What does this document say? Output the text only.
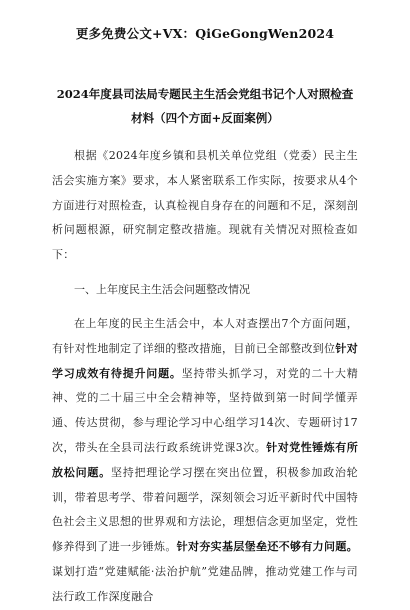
更多免费公文+VX：QiGeGongWen2024

2024年度县司法局专题民主生活会党组书记个人对照检查

材料（四个方面+反面案例）

根据《2024年度乡镇和县机关单位党组（党委）民主生活会实施方案》要求，本人紧密联系工作实际，按要求从4个方面进行对照检查，认真检视自身存在的问题和不足，深刻剖析问题根源，研究制定整改措施。现就有关情况对照检查如下：

一、上年度民主生活会问题整改情况

在上年度的民主生活会中，本人对查摆出7个方面问题，有针对性地制定了详细的整改措施，目前已全部整改到位针对学习成效有待提升问题。坚持带头抓学习，对党的二十大精神、党的二十届三中全会精神等，坚持做到第一时间学懂弄通、传达贯彻，参与理论学习中心组学习14次、专题研讨17次，带头在全县司法行政系统讲党课3次。针对党性锤炼有所放松问题。坚持把理论学习摆在突出位置，积极参加政治轮训，带着思考学、带着问题学，深刻领会习近平新时代中国特色社会主义思想的世界观和方法论，理想信念更加坚定，党性修养得到了进一步锤炼。针对夯实基层堡垒还不够有力问题。谋划打造“党建赋能·法治护航”党建品牌，推动党建工作与司法行政工作深度融合
